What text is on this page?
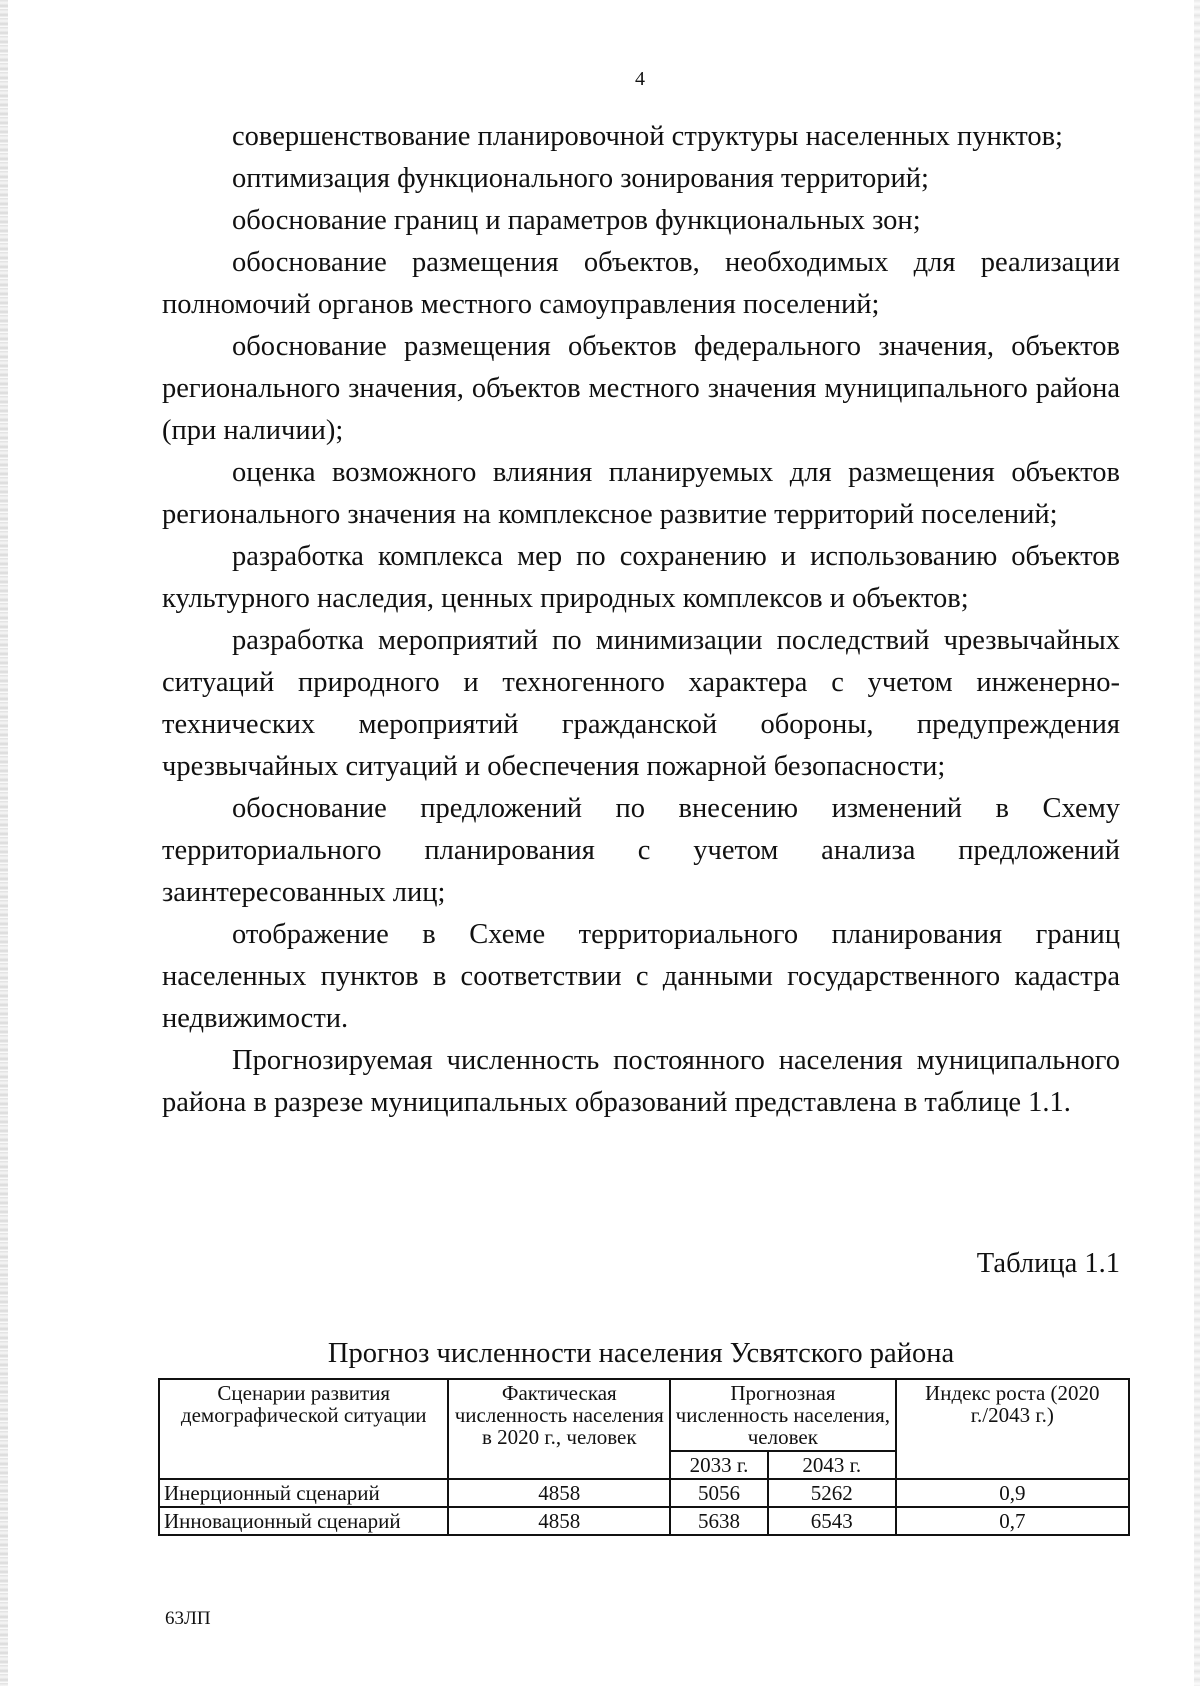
4

совершенствование планировочной структуры населенных пунктов;

оптимизация функционального зонирования территорий;

обоснование границ и параметров функциональных зон;

обоснование размещения объектов, необходимых для реализации полномочий органов местного самоуправления поселений;

обоснование размещения объектов федерального значения, объектов регионального значения, объектов местного значения муниципального района (при наличии);

оценка возможного влияния планируемых для размещения объектов регионального значения на комплексное развитие территорий поселений;

разработка комплекса мер по сохранению и использованию объектов культурного наследия, ценных природных комплексов и объектов;

разработка мероприятий по минимизации последствий чрезвычайных ситуаций природного и техногенного характера с учетом инженерно-технических мероприятий гражданской обороны, предупреждения чрезвычайных ситуаций и обеспечения пожарной безопасности;

обоснование предложений по внесению изменений в Схему территориального планирования с учетом анализа предложений заинтересованных лиц;

отображение в Схеме территориального планирования границ населенных пунктов в соответствии с данными государственного кадастра недвижимости.

Прогнозируемая численность постоянного населения муниципального района в разрезе муниципальных образований представлена в таблице 1.1.

Таблица 1.1
Прогноз численности населения Усвятского района
Сценарии развития демографической ситуации	Фактическая численность населения в 2020 г., человек	Прогнозная численность населения, человек		Индекс роста (2020 г./2043 г.)
		2033 г.	2043 г.	
Инерционный сценарий	4858	5056	5262	0,9
Инновационный сценарий	4858	5638	6543	0,7
63ЛП
